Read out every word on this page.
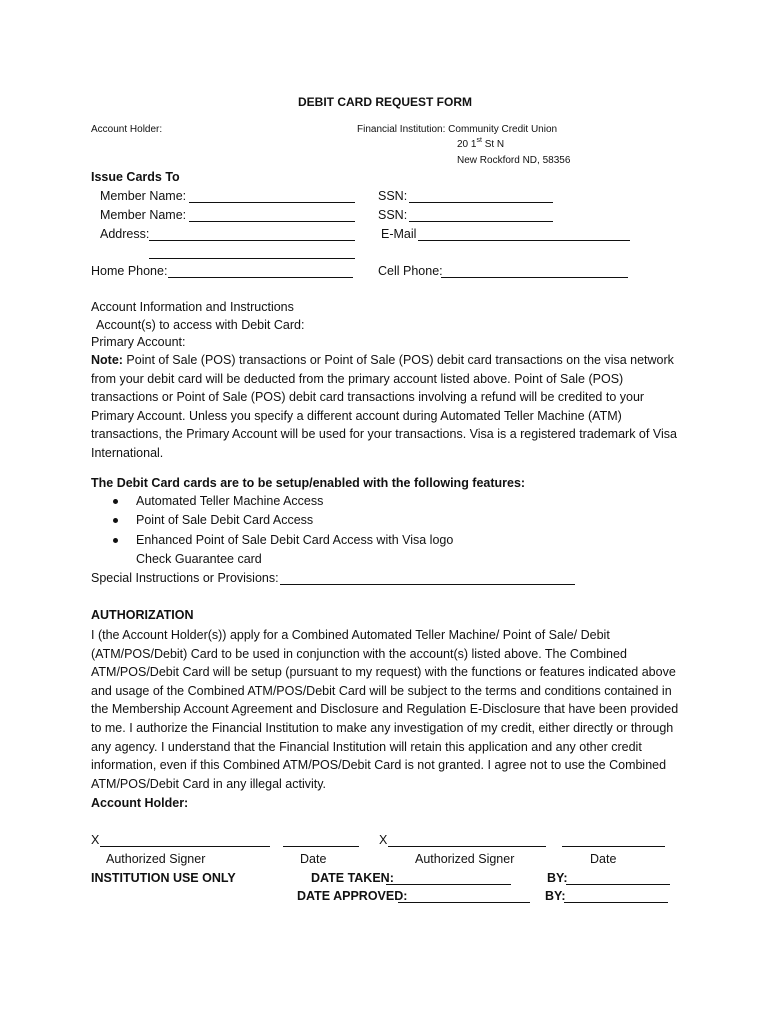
DEBIT CARD REQUEST FORM
Account Holder:	Financial Institution: Community Credit Union
20 1st St N
New Rockford ND, 58356
Issue Cards To
Member Name:	SSN:
Member Name:	SSN:
Address:	E-Mail
Home Phone:	Cell Phone:
Account Information and Instructions
Account(s) to access with Debit Card:
Primary Account:
Note: Point of Sale (POS) transactions or Point of Sale (POS) debit card transactions on the visa network from your debit card will be deducted from the primary account listed above. Point of Sale (POS) transactions or Point of Sale (POS) debit card transactions involving a refund will be credited to your Primary Account. Unless you specify a different account during Automated Teller Machine (ATM) transactions, the Primary Account will be used for your transactions. Visa is a registered trademark of Visa International.
The Debit Card cards are to be setup/enabled with the following features:
Automated Teller Machine Access
Point of Sale Debit Card Access
Enhanced Point of Sale Debit Card Access with Visa logo
Check Guarantee card
Special Instructions or Provisions:
AUTHORIZATION
I (the Account Holder(s)) apply for a Combined Automated Teller Machine/ Point of Sale/ Debit (ATM/POS/Debit) Card to be used in conjunction with the account(s) listed above. The Combined ATM/POS/Debit Card will be setup (pursuant to my request) with the functions or features indicated above and usage of the Combined ATM/POS/Debit Card will be subject to the terms and conditions contained in the Membership Account Agreement and Disclosure and Regulation E-Disclosure that have been provided to me. I authorize the Financial Institution to make any investigation of my credit, either directly or through any agency. I understand that the Financial Institution will retain this application and any other credit information, even if this Combined ATM/POS/Debit Card is not granted. I agree not to use the Combined ATM/POS/Debit Card in any illegal activity.
Account Holder:
X	X
Authorized Signer	Date	Authorized Signer	Date
INSTITUTION USE ONLY	DATE TAKEN:	BY:
DATE APPROVED:	BY:
